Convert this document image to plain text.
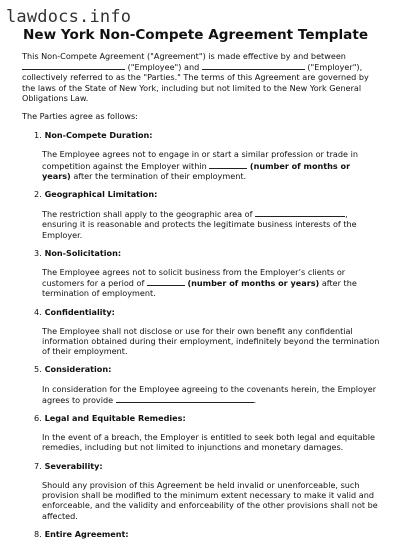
lawdocs.info
New York Non-Compete Agreement Template

This Non-Compete Agreement ("Agreement") is made effective by and between  ("Employee") and	("Employer"), collectively referred to as the "Parties." The terms of this Agreement are governed by the laws of the State of New York, including but not limited to the New York General Obligations Law.

The Parties agree as follows:

1. Non-Compete Duration:

The Employee agrees not to engage in or start a similar profession or trade in competition against the Employer within	(number of months or years) after the termination of their employment.

2. Geographical Limitation:

The restriction shall apply to the geographic area of	, ensuring it is reasonable and protects the legitimate business interests of the Employer.

3. Non-Solicitation:

The Employee agrees not to solicit business from the Employer’s clients or customers for a period of	(number of months or years) after the termination of employment.

4. Confidentiality:

The Employee shall not disclose or use for their own benefit any confidential information obtained during their employment, indefinitely beyond the termination of their employment.

5. Consideration:

In consideration for the Employee agreeing to the covenants herein, the Employer agrees to provide	.

6. Legal and Equitable Remedies:

In the event of a breach, the Employer is entitled to seek both legal and equitable remedies, including but not limited to injunctions and monetary damages.

7. Severability:

Should any provision of this Agreement be held invalid or unenforceable, such provision shall be modified to the minimum extent necessary to make it valid and enforceable, and the validity and enforceability of the other provisions shall not be affected.

8. Entire Agreement:
